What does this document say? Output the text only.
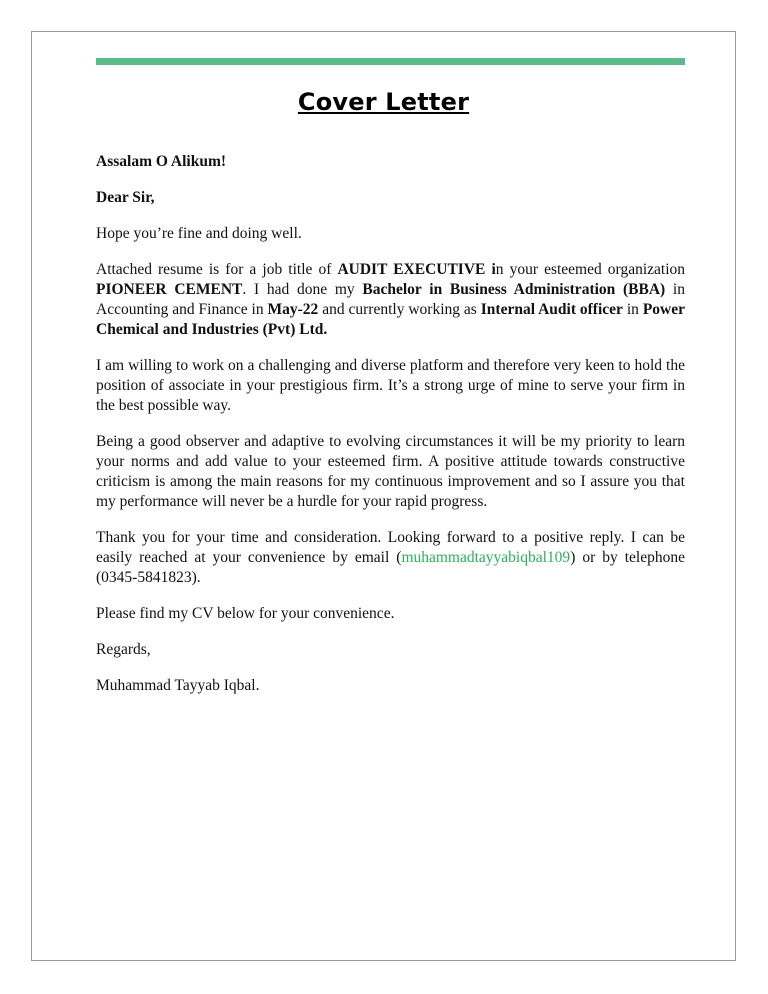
Cover Letter

Assalam O Alikum!

Dear Sir,

Hope you’re fine and doing well.

Attached resume is for a job title of AUDIT EXECUTIVE in your esteemed organization PIONEER CEMENT. I had done my Bachelor in Business Administration (BBA) in Accounting and Finance in May-22 and currently working as Internal Audit officer in Power Chemical and Industries (Pvt) Ltd.

I am willing to work on a challenging and diverse platform and therefore very keen to hold the position of associate in your prestigious firm. It’s a strong urge of mine to serve your firm in the best possible way.

Being a good observer and adaptive to evolving circumstances it will be my priority to learn your norms and add value to your esteemed firm. A positive attitude towards constructive criticism is among the main reasons for my continuous improvement and so I assure you that my performance will never be a hurdle for your rapid progress.

Thank you for your time and consideration. Looking forward to a positive reply. I can be easily reached at your convenience by email (muhammadtayyabiqbal109) or by telephone (0345-5841823).

Please find my CV below for your convenience.

Regards,

Muhammad Tayyab Iqbal.
